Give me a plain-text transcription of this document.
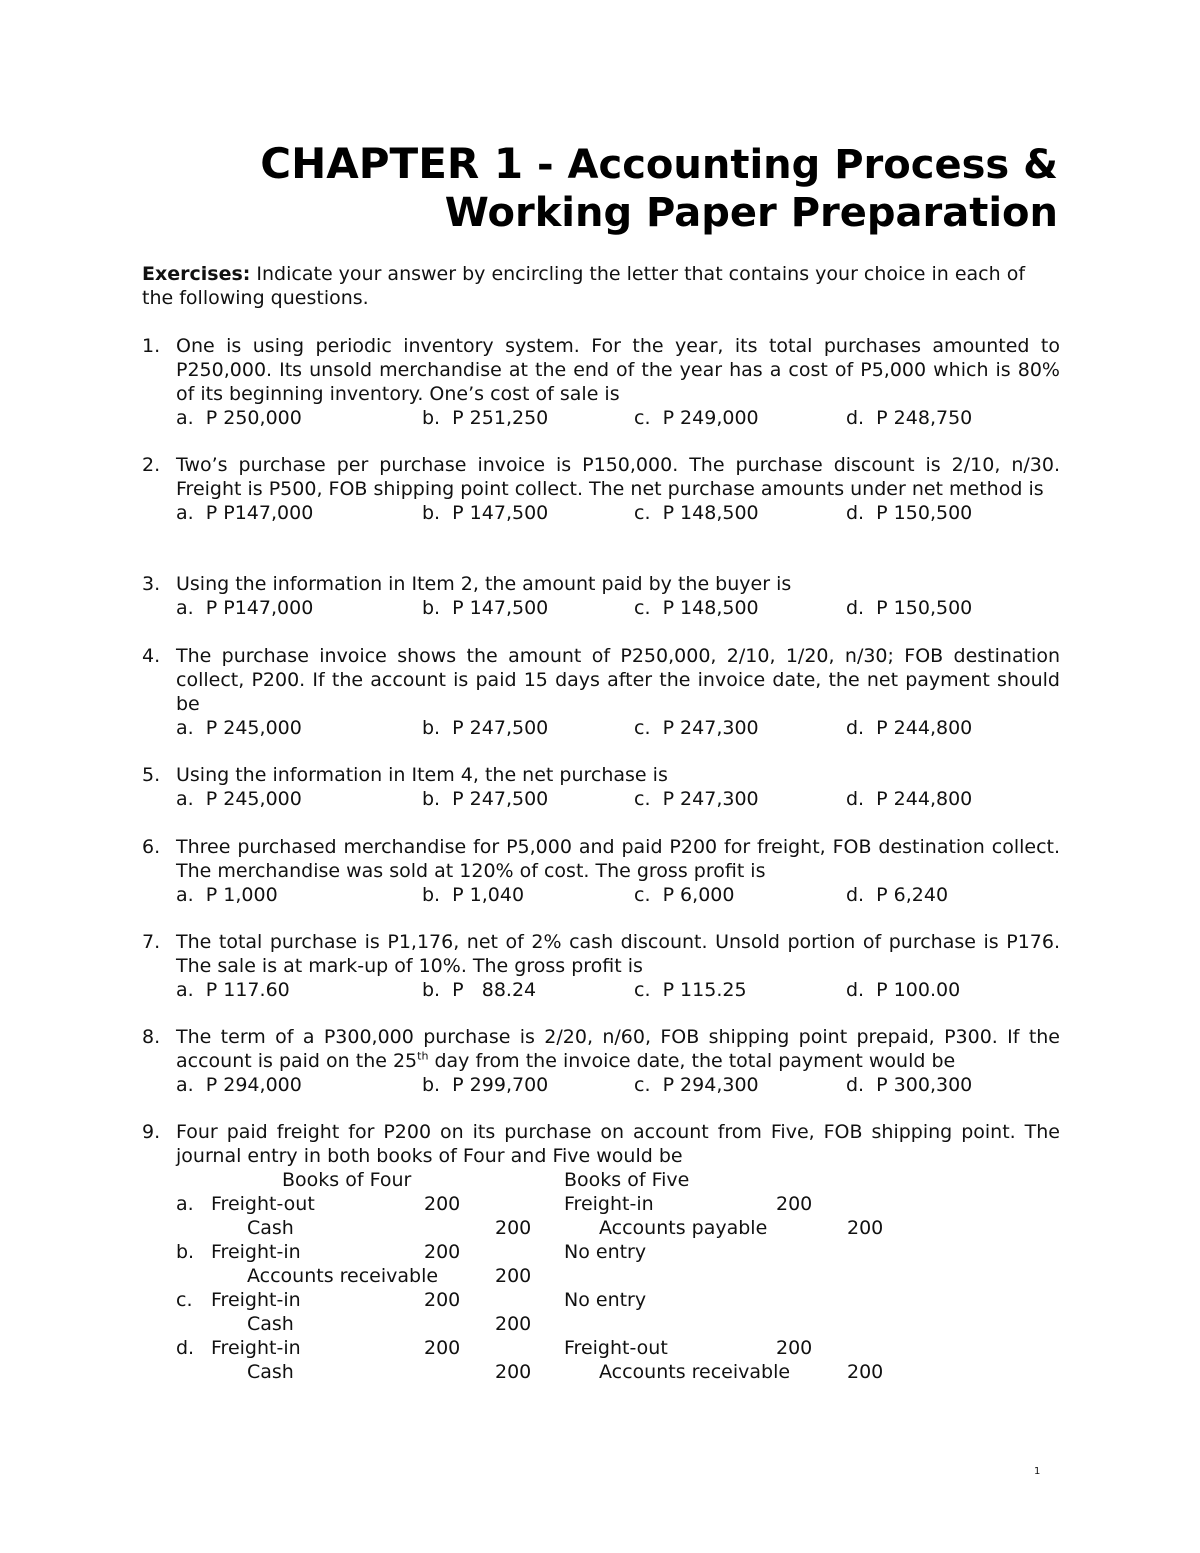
CHAPTER 1 - Accounting Process &
Working Paper Preparation
Exercises: Indicate your answer by encircling the letter that contains your choice in each of the following questions.
1. One is using periodic inventory system. For the year, its total purchases amounted to P250,000. Its unsold merchandise at the end of the year has a cost of P5,000 which is 80% of its beginning inventory. One’s cost of sale is
a.  P 250,000	b.  P 251,250	c.  P 249,000	d.  P 248,750
2. Two’s purchase per purchase invoice is P150,000. The purchase discount is 2/10, n/30. Freight is P500, FOB shipping point collect. The net purchase amounts under net method is
a.  P P147,000	b.  P 147,500	c.  P 148,500	d.  P 150,500
3. Using the information in Item 2, the amount paid by the buyer is
a.  P P147,000	b.  P 147,500	c.  P 148,500	d.  P 150,500
4. The purchase invoice shows the amount of P250,000, 2/10, 1/20, n/30; FOB destination collect, P200. If the account is paid 15 days after the invoice date, the net payment should be
a.  P 245,000	b.  P 247,500	c.  P 247,300	d.  P 244,800
5. Using the information in Item 4, the net purchase is
a.  P 245,000	b.  P 247,500	c.  P 247,300	d.  P 244,800
6. Three purchased merchandise for P5,000 and paid P200 for freight, FOB destination collect. The merchandise was sold at 120% of cost. The gross profit is
a.  P 1,000	b.  P 1,040	c.  P 6,000	d.  P 6,240
7. The total purchase is P1,176, net of 2% cash discount. Unsold portion of purchase is P176. The sale is at mark-up of 10%. The gross profit is
a.  P 117.60	b.  P   88.24	c.  P 115.25	d.  P 100.00
8. The term of a P300,000 purchase is 2/20, n/60, FOB shipping point prepaid, P300. If the account is paid on the 25th day from the invoice date, the total payment would be
a.  P 294,000	b.  P 299,700	c.  P 294,300	d.  P 300,300
9. Four paid freight for P200 on its purchase on account from Five, FOB shipping point. The journal entry in both books of Four and Five would be
Books of Four	Books of Five
a. Freight-out	200	Freight-in	200
Cash	200	Accounts payable	200
b. Freight-in	200	No entry
Accounts receivable	200
c. Freight-in	200	No entry
Cash	200
d. Freight-in	200	Freight-out	200
Cash	200	Accounts receivable	200
1
